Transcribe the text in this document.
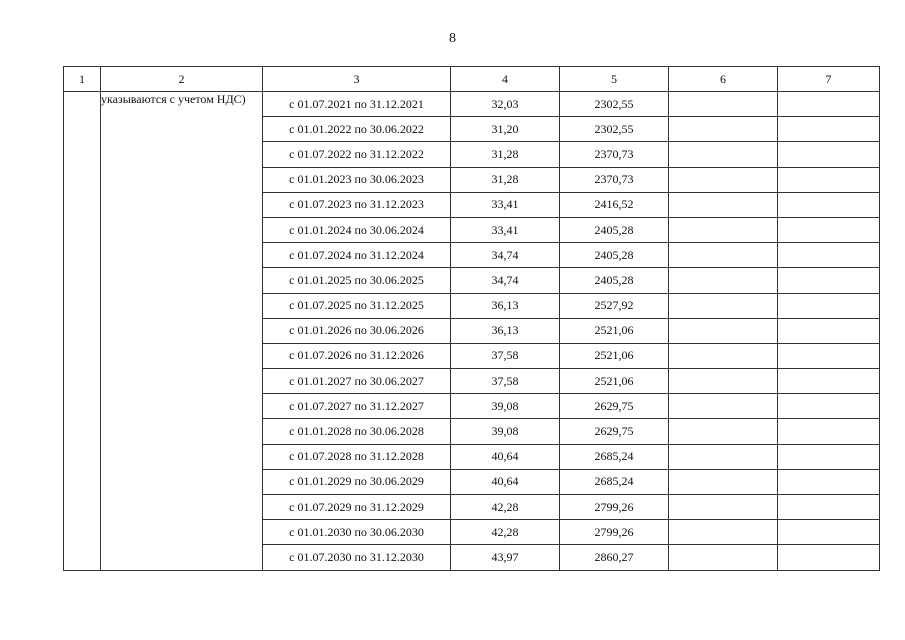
8
1	2	3	4	5	6	7
	указываются с учетом НДС)	с 01.07.2021 по 31.12.2021	32,03	2302,55		
		с 01.01.2022 по 30.06.2022	31,20	2302,55		
		с 01.07.2022 по 31.12.2022	31,28	2370,73		
		с 01.01.2023 по 30.06.2023	31,28	2370,73		
		с 01.07.2023 по 31.12.2023	33,41	2416,52		
		с 01.01.2024 по 30.06.2024	33,41	2405,28		
		с 01.07.2024 по 31.12.2024	34,74	2405,28		
		с 01.01.2025 по 30.06.2025	34,74	2405,28		
		с 01.07.2025 по 31.12.2025	36,13	2527,92		
		с 01.01.2026 по 30.06.2026	36,13	2521,06		
		с 01.07.2026 по 31.12.2026	37,58	2521,06		
		с 01.01.2027 по 30.06.2027	37,58	2521,06		
		с 01.07.2027 по 31.12.2027	39,08	2629,75		
		с 01.01.2028 по 30.06.2028	39,08	2629,75		
		с 01.07.2028 по 31.12.2028	40,64	2685,24		
		с 01.01.2029 по 30.06.2029	40,64	2685,24		
		с 01.07.2029 по 31.12.2029	42,28	2799,26		
		с 01.01.2030 по 30.06.2030	42,28	2799,26		
		с 01.07.2030 по 31.12.2030	43,97	2860,27		
